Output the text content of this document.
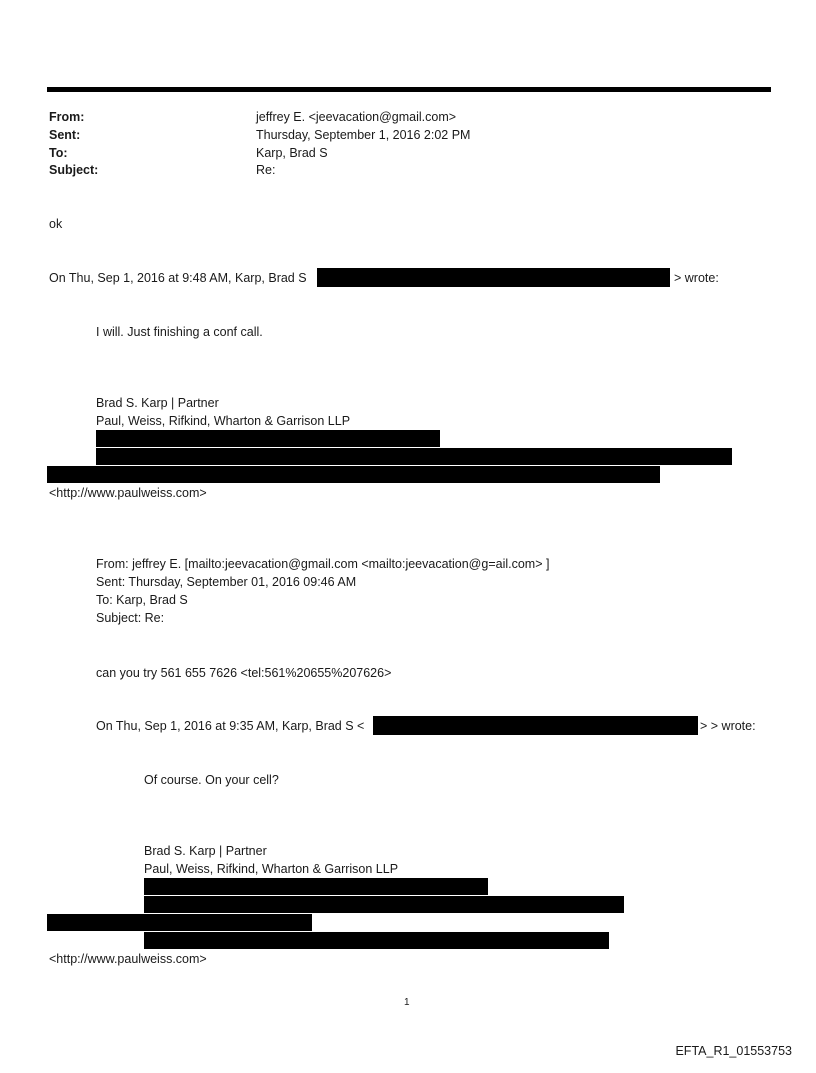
From:	jeffrey E. <jeevacation@gmail.com>
Sent:	Thursday, September 1, 2016 2:02 PM
To:	Karp, Brad S
Subject:	Re:
ok
On Thu, Sep 1, 2016 at 9:48 AM, Karp, Brad S	> wrote:
I will. Just finishing a conf call.
Brad S. Karp | Partner
Paul, Weiss, Rifkind, Wharton & Garrison LLP
<http://www.paulweiss.com>
From: jeffrey E. [mailto:jeevacation@gmail.com <mailto:jeevacation@g=ail.com> ]
Sent: Thursday, September 01, 2016 09:46 AM
To: Karp, Brad S
Subject: Re:
can you try 561 655 7626 <tel:561%20655%207626>
On Thu, Sep 1, 2016 at 9:35 AM, Karp, Brad S <	> > wrote:
Of course. On your cell?
Brad S. Karp | Partner
Paul, Weiss, Rifkind, Wharton & Garrison LLP
<http://www.paulweiss.com>
1
EFTA_R1_01553753
